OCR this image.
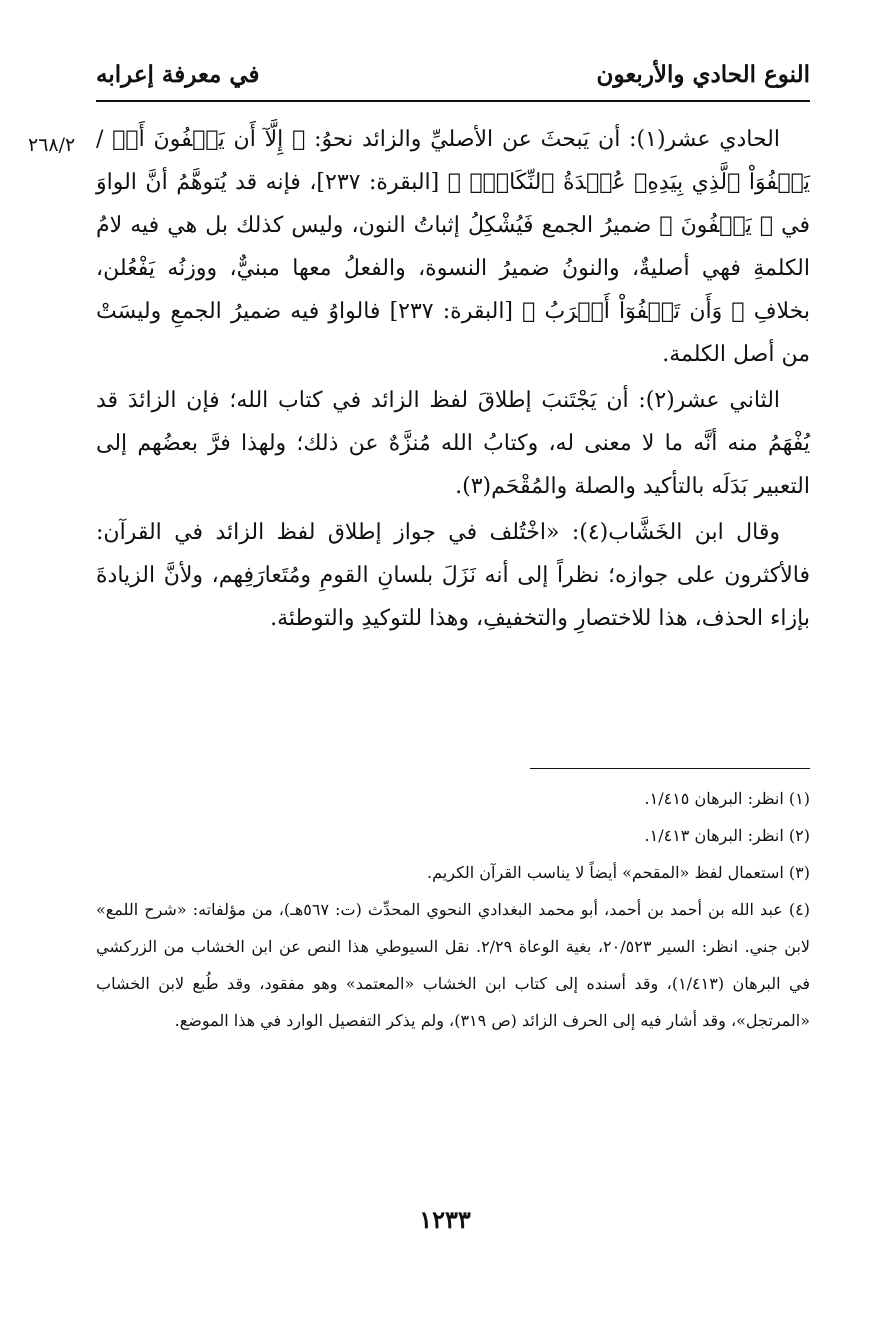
النوع الحادي والأربعون
في معرفة إعرابه
٢٦٨/٢ الحادي عشر(١): أن يَبحثَ عن الأصليِّ والزائد نحوُ: ﴿ إِلَّآ أَن يَعۡفُونَ أَوۡ / يَعۡفُوَاْ ٱلَّذِي بِيَدِهِۦ عُقۡدَةُ ٱلنِّكَاحِۚ ﴾ [البقرة: ٢٣٧]، فإنه قد يُتوهَّمُ أنَّ الواوَ في ﴿ يَعۡفُونَ ﴾ ضميرُ الجمع فَيُشْكِلُ إثباتُ النون، وليس كذلك بل هي فيه لامُ الكلمةِ فهي أصليةٌ، والنونُ ضميرُ النسوة، والفعلُ معها مبنيٌّ، ووزنُه يَفْعُلن، بخلافِ ﴿ وَأَن تَعۡفُوٓاْ أَقۡرَبُ ﴾ [البقرة: ٢٣٧] فالواوُ فيه ضميرُ الجمعِ وليسَتْ من أصل الكلمة.

الثاني عشر(٢): أن يَجْتَنبَ إطلاقَ لفظ الزائد في كتاب الله؛ فإن الزائدَ قد يُفْهَمُ منه أنَّه ما لا معنى له، وكتابُ الله مُنزَّهٌ عن ذلك؛ ولهذا فرَّ بعضُهم إلى التعبير بَدَلَه بالتأكيد والصلة والمُقْحَم(٣).

وقال ابن الخَشَّاب(٤): «اخْتُلف في جواز إطلاق لفظ الزائد في القرآن: فالأكثرون على جوازه؛ نظراً إلى أنه نَزَلَ بلسانِ القومِ ومُتَعارَفِهم، ولأنَّ الزيادةَ بإزاء الحذف، هذا للاختصارِ والتخفيفِ، وهذا للتوكيدِ والتوطئة.

(١) انظر: البرهان ١/٤١٥.

(٢) انظر: البرهان ١/٤١٣.

(٣) استعمال لفظ «المقحم» أيضاً لا يناسب القرآن الكريم.

(٤) عبد الله بن أحمد بن أحمد، أبو محمد البغدادي النحوي المحدِّث (ت: ٥٦٧هـ)، من مؤلفاته: «شرح اللمع» لابن جني. انظر: السير ٢٠/٥٢٣، بغية الوعاة ٢/٢٩. نقل السيوطي هذا النص عن ابن الخشاب من الزركشي في البرهان (١/٤١٣)، وقد أسنده إلى كتاب ابن الخشاب «المعتمد» وهو مفقود، وقد طُبع لابن الخشاب «المرتجل»، وقد أشار فيه إلى الحرف الزائد (ص ٣١٩)، ولم يذكر التفصيل الوارد في هذا الموضع.

١٢٣٣
